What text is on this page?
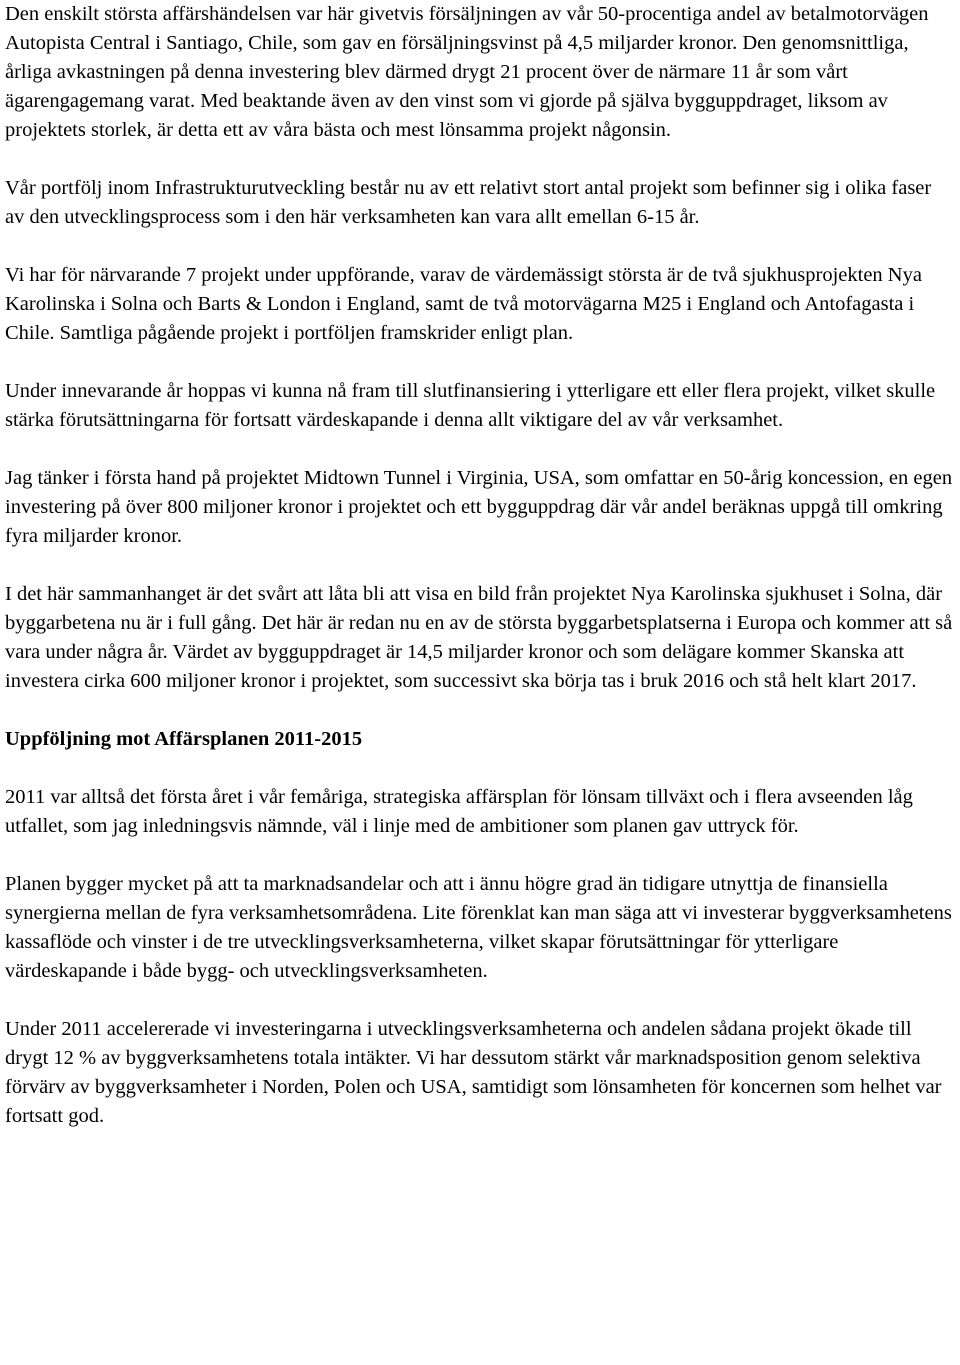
Den enskilt största affärshändelsen var här givetvis försäljningen av vår 50-procentiga andel av betalmotorvägen Autopista Central i Santiago, Chile, som gav en försäljningsvinst på 4,5 miljarder kronor. Den genomsnittliga, årliga avkastningen på denna investering blev därmed drygt 21 procent över de närmare 11 år som vårt ägarengagemang varat. Med beaktande även av den vinst som vi gjorde på själva bygguppdraget, liksom av projektets storlek, är detta ett av våra bästa och mest lönsamma projekt någonsin.

Vår portfölj inom Infrastrukturutveckling består nu av ett relativt stort antal projekt som befinner sig i olika faser av den utvecklingsprocess som i den här verksamheten kan vara allt emellan 6-15 år.

Vi har för närvarande 7 projekt under uppförande, varav de värdemässigt största är de två sjukhusprojekten Nya Karolinska i Solna och Barts & London i England, samt de två motorvägarna M25 i England och Antofagasta i Chile. Samtliga pågående projekt i portföljen framskrider enligt plan.

Under innevarande år hoppas vi kunna nå fram till slutfinansiering i ytterligare ett eller flera projekt, vilket skulle stärka förutsättningarna för fortsatt värdeskapande i denna allt viktigare del av vår verksamhet.

Jag tänker i första hand på projektet Midtown Tunnel i Virginia, USA, som omfattar en 50-årig koncession, en egen investering på över 800 miljoner kronor i projektet och ett bygguppdrag där vår andel beräknas uppgå till omkring fyra miljarder kronor.

I det här sammanhanget är det svårt att låta bli att visa en bild från projektet Nya Karolinska sjukhuset i Solna, där byggarbetena nu är i full gång. Det här är redan nu en av de största byggarbetsplatserna i Europa och kommer att så vara under några år. Värdet av bygguppdraget är 14,5 miljarder kronor och som delägare kommer Skanska att investera cirka 600 miljoner kronor i projektet, som successivt ska börja tas i bruk 2016 och stå helt klart 2017.

Uppföljning mot Affärsplanen 2011-2015

2011 var alltså det första året i vår femåriga, strategiska affärsplan för lönsam tillväxt och i flera avseenden låg utfallet, som jag inledningsvis nämnde, väl i linje med de ambitioner som planen gav uttryck för.

Planen bygger mycket på att ta marknadsandelar och att i ännu högre grad än tidigare utnyttja de finansiella synergierna mellan de fyra verksamhetsområdena. Lite förenklat kan man säga att vi investerar byggverksamhetens kassaflöde och vinster i de tre utvecklingsverksamheterna, vilket skapar förutsättningar för ytterligare värdeskapande i både bygg- och utvecklingsverksamheten.

Under 2011 accelererade vi investeringarna i utvecklingsverksamheterna och andelen sådana projekt ökade till drygt 12 % av byggverksamhetens totala intäkter. Vi har dessutom stärkt vår marknadsposition genom selektiva förvärv av byggverksamheter i Norden, Polen och USA, samtidigt som lönsamheten för koncernen som helhet var fortsatt god.
